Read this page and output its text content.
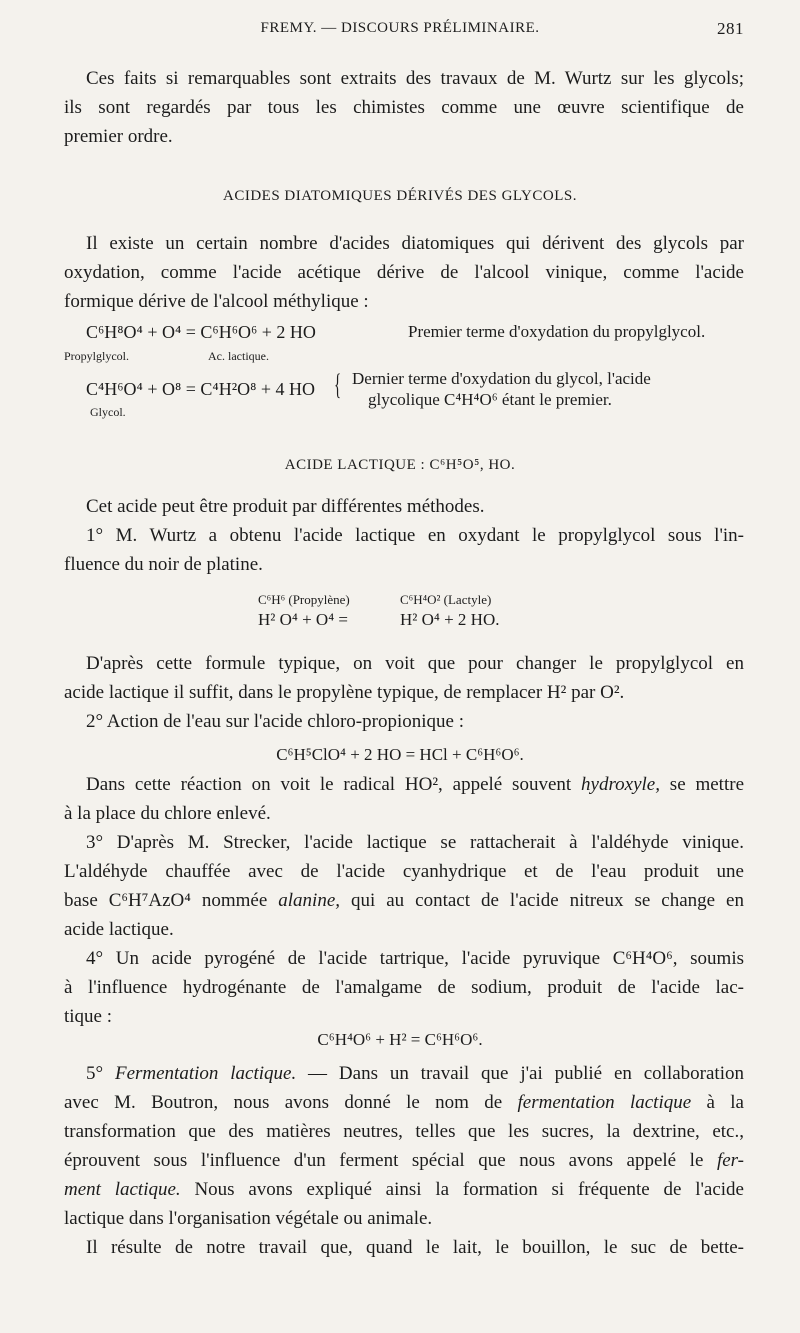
FREMY. — DISCOURS PRÉLIMINAIRE.	281
Ces faits si remarquables sont extraits des travaux de M. Wurtz sur les glycols;
ils sont regardés par tous les chimistes comme une œuvre scientifique de
premier ordre.
ACIDES DIATOMIQUES DÉRIVÉS DES GLYCOLS.
Il existe un certain nombre d'acides diatomiques qui dérivent des glycols par
oxydation, comme l'acide acétique dérive de l'alcool vinique, comme l'acide
formique dérive de l'alcool méthylique :
C⁶H⁸O⁴ + O⁴ = C⁶H⁶O⁶ + 2 HO	Premier terme d'oxydation du propylglycol.
Propylglycol.	Ac. lactique.
C⁴H⁶O⁴ + O⁸ = C⁴H²O⁸ + 4 HO { Dernier terme d'oxydation du glycol, l'acide
glycolique C⁴H⁴O⁶ étant le premier.
Glycol.
ACIDE LACTIQUE : C⁶H⁵O⁵, HO.
Cet acide peut être produit par différentes méthodes.
1° M. Wurtz a obtenu l'acide lactique en oxydant le propylglycol sous l'in-
fluence du noir de platine.
C⁶H⁶ (Propylène)
H² O⁴ + O⁴ =
C⁶H⁴O² (Lactyle)
H² O⁴ + 2 HO.
D'après cette formule typique, on voit que pour changer le propylglycol en
acide lactique il suffit, dans le propylène typique, de remplacer H² par O².
2° Action de l'eau sur l'acide chloro-propionique :
C⁶H⁵ClO⁴ + 2 HO = HCl + C⁶H⁶O⁶.
Dans cette réaction on voit le radical HO², appelé souvent hydroxyle, se mettre
à la place du chlore enlevé.
3° D'après M. Strecker, l'acide lactique se rattacherait à l'aldéhyde vinique.
L'aldéhyde chauffée avec de l'acide cyanhydrique et de l'eau produit une
base C⁶H⁷AzO⁴ nommée alanine, qui au contact de l'acide nitreux se change en
acide lactique.
4° Un acide pyrogéné de l'acide tartrique, l'acide pyruvique C⁶H⁴O⁶, soumis
à l'influence hydrogénante de l'amalgame de sodium, produit de l'acide lac-
tique :
C⁶H⁴O⁶ + H² = C⁶H⁶O⁶.
5° Fermentation lactique. — Dans un travail que j'ai publié en collaboration
avec M. Boutron, nous avons donné le nom de fermentation lactique à la
transformation que des matières neutres, telles que les sucres, la dextrine, etc.,
éprouvent sous l'influence d'un ferment spécial que nous avons appelé le fer-
ment lactique. Nous avons expliqué ainsi la formation si fréquente de l'acide
lactique dans l'organisation végétale ou animale.
Il résulte de notre travail que, quand le lait, le bouillon, le suc de bette-
